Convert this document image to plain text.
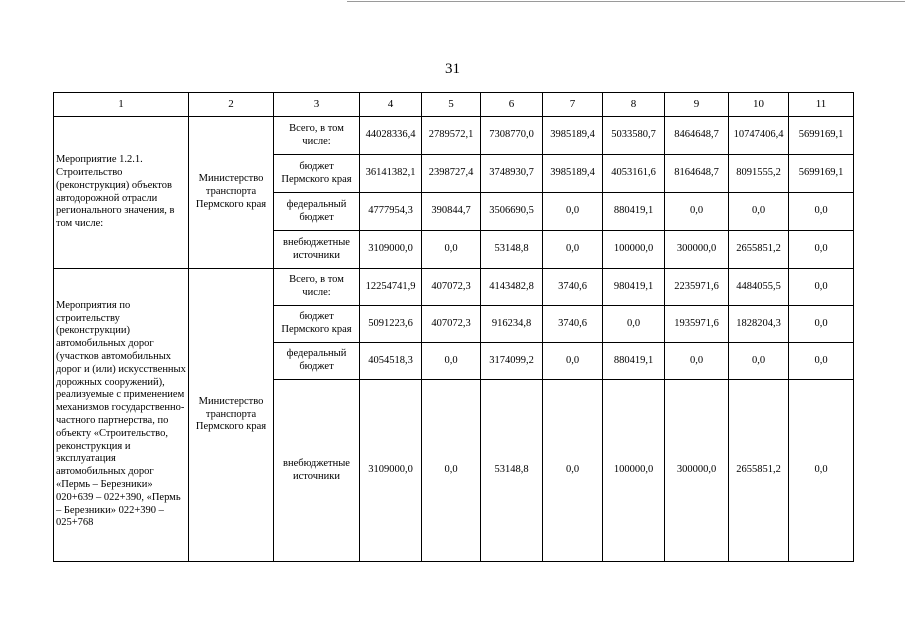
31
1	2	3	4	5	6	7	8	9	10	11
Мероприятие 1.2.1. Строительство (реконструкция) объектов автодорожной отрасли регионального значения, в том числе:	Министерство транспорта Пермского края	Всего, в том числе:	44028336,4	2789572,1	7308770,0	3985189,4	5033580,7	8464648,7	10747406,4	5699169,1
		бюджет Пермского края	36141382,1	2398727,4	3748930,7	3985189,4	4053161,6	8164648,7	8091555,2	5699169,1
		федеральный бюджет	4777954,3	390844,7	3506690,5	0,0	880419,1	0,0	0,0	0,0
		внебюджетные источники	3109000,0	0,0	53148,8	0,0	100000,0	300000,0	2655851,2	0,0
Мероприятия по строительству (реконструкции) автомобильных дорог (участков автомобильных дорог и (или) искусственных дорожных сооружений), реализуемые с применением механизмов государственно-частного партнерства, по объекту «Строительство, реконструкция и эксплуатация автомобильных дорог «Пермь – Березники» 020+639 – 022+390, «Пермь – Березники» 022+390 – 025+768	Министерство транспорта Пермского края	Всего, в том числе:	12254741,9	407072,3	4143482,8	3740,6	980419,1	2235971,6	4484055,5	0,0
		бюджет Пермского края	5091223,6	407072,3	916234,8	3740,6	0,0	1935971,6	1828204,3	0,0
		федеральный бюджет	4054518,3	0,0	3174099,2	0,0	880419,1	0,0	0,0	0,0
		внебюджетные источники	3109000,0	0,0	53148,8	0,0	100000,0	300000,0	2655851,2	0,0
